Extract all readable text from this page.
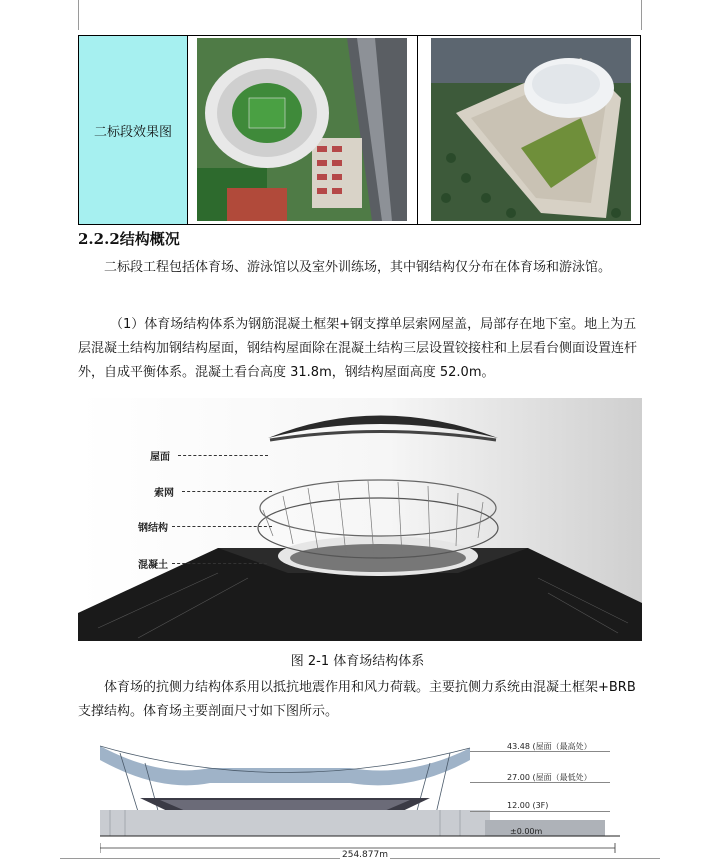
二标段效果图
2.2.2结构概况
二标段工程包括体育场、游泳馆以及室外训练场，其中钢结构仅分布在体育场和游泳馆。
（1）体育场结构体系为钢筋混凝土框架+钢支撑单层索网屋盖，局部存在地下室。地上为五层混凝土结构加钢结构屋面，钢结构屋面除在混凝土结构三层设置铰接柱和上层看台侧面设置连杆外，自成平衡体系。混凝土看台高度 31.8m，钢结构屋面高度 52.0m。
屋面
索网
钢结构
混凝土
图 2-1 体育场结构体系
体育场的抗侧力结构体系用以抵抗地震作用和风力荷载。主要抗侧力系统由混凝土框架+BRB 支撑结构。体育场主要剖面尺寸如下图所示。
43.48 (屋面（最高处）
27.00 (屋面（最低处）
12.00 (3F)
±0.00m
254.877m
